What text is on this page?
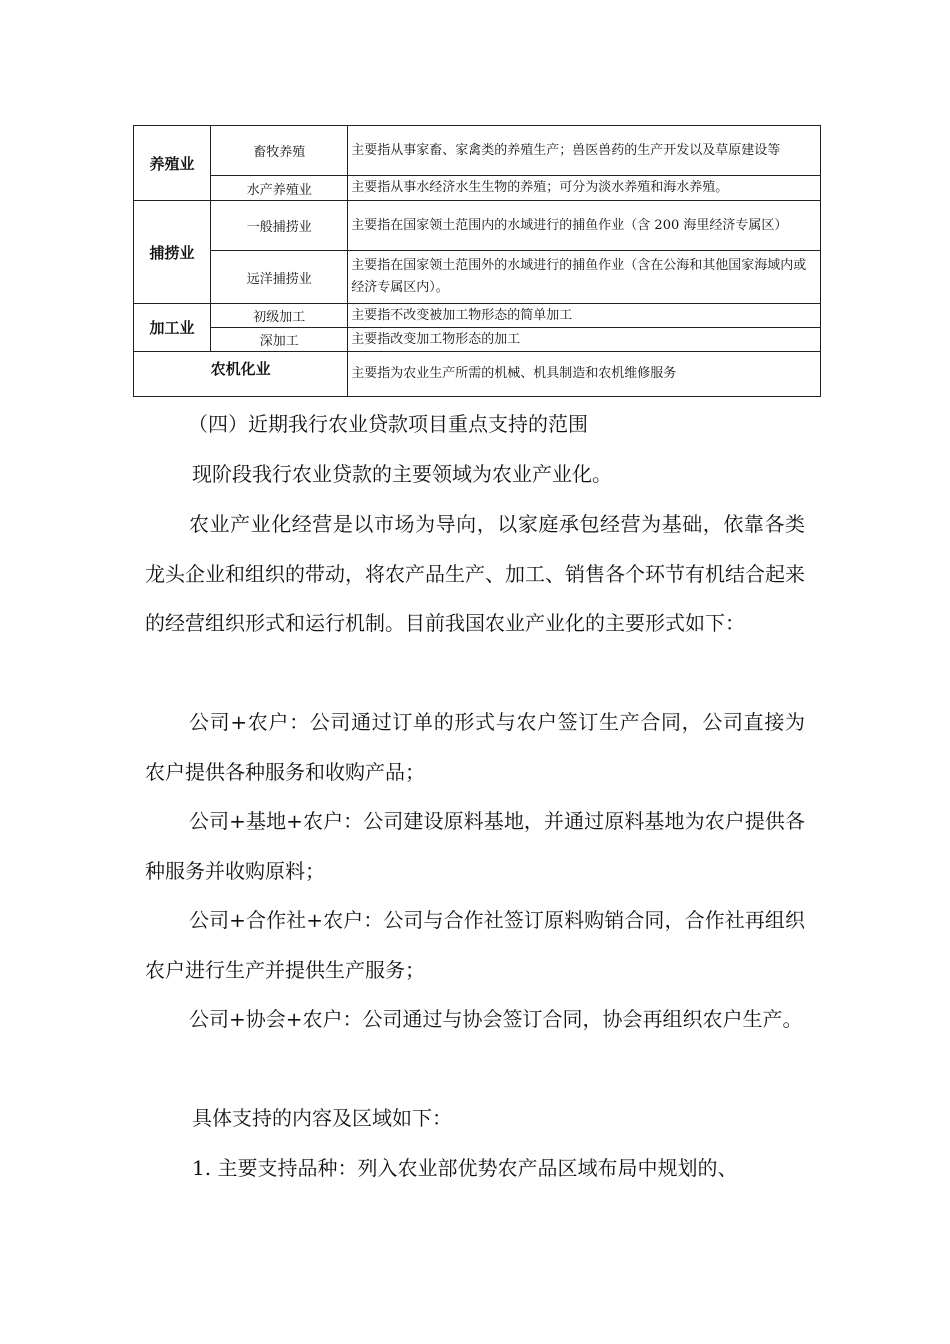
养殖业	畜牧养殖	主要指从事家畜、家禽类的养殖生产；兽医兽药的生产开发以及草原建设等
	水产养殖业	主要指从事水经济水生生物的养殖；可分为淡水养殖和海水养殖。
捕捞业	一般捕捞业	主要指在国家领土范围内的水域进行的捕鱼作业（含 200 海里经济专属区）
	远洋捕捞业	主要指在国家领土范围外的水域进行的捕鱼作业（含在公海和其他国家海域内或经济专属区内）。
加工业	初级加工	主要指不改变被加工物形态的简单加工
	深加工	主要指改变加工物形态的加工
农机化业		主要指为农业生产所需的机械、机具制造和农机维修服务

（四）近期我行农业贷款项目重点支持的范围

现阶段我行农业贷款的主要领域为农业产业化。

农业产业化经营是以市场为导向，以家庭承包经营为基础，依靠各类龙头企业和组织的带动，将农产品生产、加工、销售各个环节有机结合起来的经营组织形式和运行机制。目前我国农业产业化的主要形式如下：

公司+农户：公司通过订单的形式与农户签订生产合同，公司直接为农户提供各种服务和收购产品；

公司+基地+农户：公司建设原料基地，并通过原料基地为农户提供各种服务并收购原料；

公司+合作社+农户：公司与合作社签订原料购销合同，合作社再组织农户进行生产并提供生产服务；

公司+协会+农户：公司通过与协会签订合同，协会再组织农户生产。

具体支持的内容及区域如下：

1. 主要支持品种：列入农业部优势农产品区域布局中规划的、
